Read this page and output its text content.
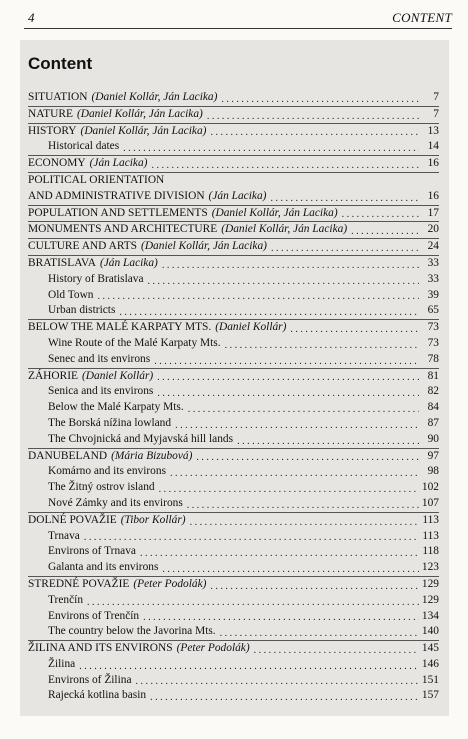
4	CONTENT
Content
SITUATION (Daniel Kollár, Ján Lacika) . . .	7
NATURE (Daniel Kollár, Ján Lacika) . . .	7
HISTORY (Daniel Kollár, Ján Lacika) . . .	13
Historical dates . . .	14
ECONOMY (Ján Lacika) . . .	16
POLITICAL ORIENTATION
AND ADMINISTRATIVE DIVISION (Ján Lacika) . . .	16
POPULATION AND SETTLEMENTS (Daniel Kollár, Ján Lacika) . . .	17
MONUMENTS AND ARCHITECTURE (Daniel Kollár, Ján Lacika) . . .	20
CULTURE AND ARTS (Daniel Kollár, Ján Lacika) . . .	24
BRATISLAVA (Ján Lacika) . . .	33
History of Bratislava . . .	33
Old Town . . .	39
Urban districts . . .	65
BELOW THE MALÉ KARPATY MTS. (Daniel Kollár) . . .	73
Wine Route of the Malé Karpaty Mts. . . .	73
Senec and its environs . . .	78
ZÁHORIE (Daniel Kollár) . . .	81
Senica and its environs . . .	82
Below the Malé Karpaty Mts. . . .	84
The Borská nížina lowland . . .	87
The Chvojnická and Myjavská hill lands . . .	90
DANUBELAND (Mária Bizubová) . . .	97
Komárno and its environs . . .	98
The Žitný ostrov island . . .	102
Nové Zámky and its environs . . .	107
DOLNÉ POVAŽIE (Tibor Kollár) . . .	113
Trnava . . .	113
Environs of Trnava . . .	118
Galanta and its environs . . .	123
STREDNÉ POVAŽIE (Peter Podolák) . . .	129
Trenčín . . .	129
Environs of Trenčín . . .	134
The country below the Javorina Mts. . . .	140
ŽILINA AND ITS ENVIRONS (Peter Podolák) . . .	145
Žilina . . .	146
Environs of Žilina . . .	151
Rajecká kotlina basin . . .	157
